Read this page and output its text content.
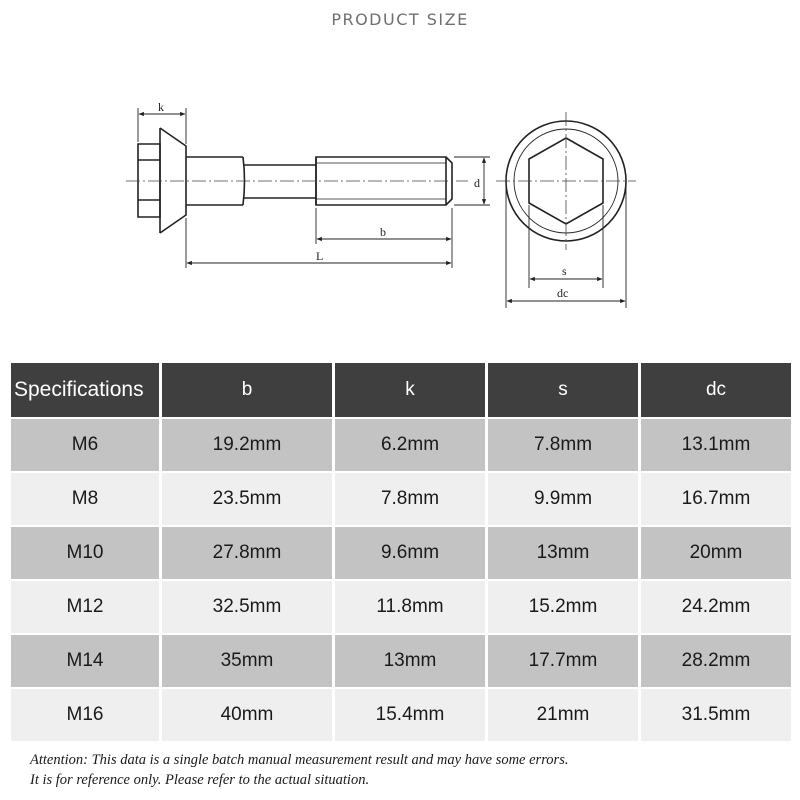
PRODUCT SIZE
k
d
b
L
s
dc
Specifications	b	k	s	dc
M6	19.2mm	6.2mm	7.8mm	13.1mm
M8	23.5mm	7.8mm	9.9mm	16.7mm
M10	27.8mm	9.6mm	13mm	20mm
M12	32.5mm	11.8mm	15.2mm	24.2mm
M14	35mm	13mm	17.7mm	28.2mm
M16	40mm	15.4mm	21mm	31.5mm
Attention: This data is a single batch manual measurement result and may have some errors.
It is for reference only. Please refer to the actual situation.
